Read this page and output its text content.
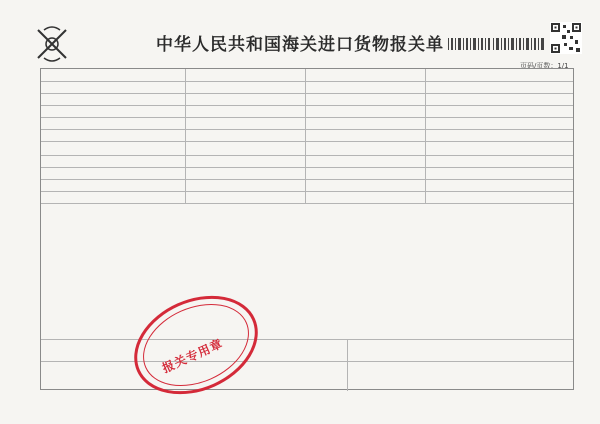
中华人民共和国海关进口货物报关单
页码/页数：1/1
报关专用章
